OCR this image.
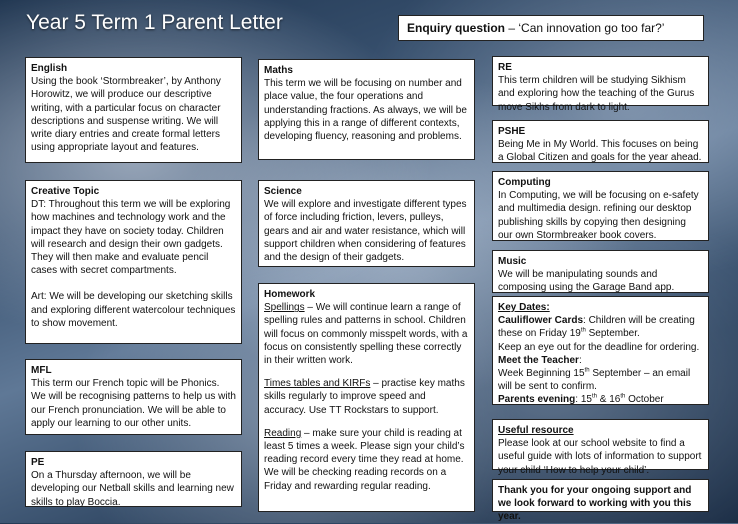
Year 5 Term 1 Parent Letter	Enquiry question – ‘Can innovation go too far?’
English

Using the book ‘Stormbreaker’, by Anthony Horowitz, we will produce our descriptive writing, with a particular focus on character descriptions and suspense writing. We will write diary entries and create formal letters using appropriate layout and features.

Creative Topic

DT: Throughout this term we will be exploring how machines and technology work and the impact they have on society today. Children will research and design their own gadgets. They will then make and evaluate pencil cases with secret compartments.

Art: We will be developing our sketching skills and exploring different watercolour techniques to show movement.

MFL

This term our French topic will be Phonics. We will be recognising patterns to help us with our French pronunciation. We will be able to apply our learning to our other units.

PE

On a Thursday afternoon, we will be developing our Netball skills and learning new skills to play Boccia.

Maths

This term we will be focusing on number and place value, the four operations and understanding fractions. As always, we will be applying this in a range of different contexts, developing fluency, reasoning and problems.

Science

We will explore and investigate different types of force including friction, levers, pulleys, gears and air and water resistance, which will support children when considering of features and the design of their gadgets.

Homework

Spellings – We will continue learn a range of spelling rules and patterns in school. Children will focus on commonly misspelt words, with a focus on consistently spelling these correctly in their written work.

Times tables and KIRFs – practise key maths skills regularly to improve speed and accuracy. Use TT Rockstars to support.

Reading – make sure your child is reading at least 5 times a week. Please sign your child’s reading record every time they read at home. We will be checking reading records on a Friday and rewarding regular reading.

RE

This term children will be studying Sikhism and exploring how the teaching of the Gurus move Sikhs from dark to light.

PSHE

Being Me in My World. This focuses on being a Global Citizen and goals for the year ahead.

Computing

In Computing, we will be focusing on e-safety and multimedia design. refining our desktop publishing skills by copying then designing our own Stormbreaker book covers.

Music

We will be manipulating sounds and composing using the Garage Band app.

Key Dates:

Cauliflower Cards: Children will be creating these on Friday 19th September.

Keep an eye out for the deadline for ordering.

Meet the Teacher:

Week Beginning 15th September – an email will be sent to confirm.

Parents evening: 15th & 16th October

Useful resource

Please look at our school website to find a useful guide with lots of information to support your child ‘How to help your child’.

Thank you for your ongoing support and we look forward to working with you this year.
